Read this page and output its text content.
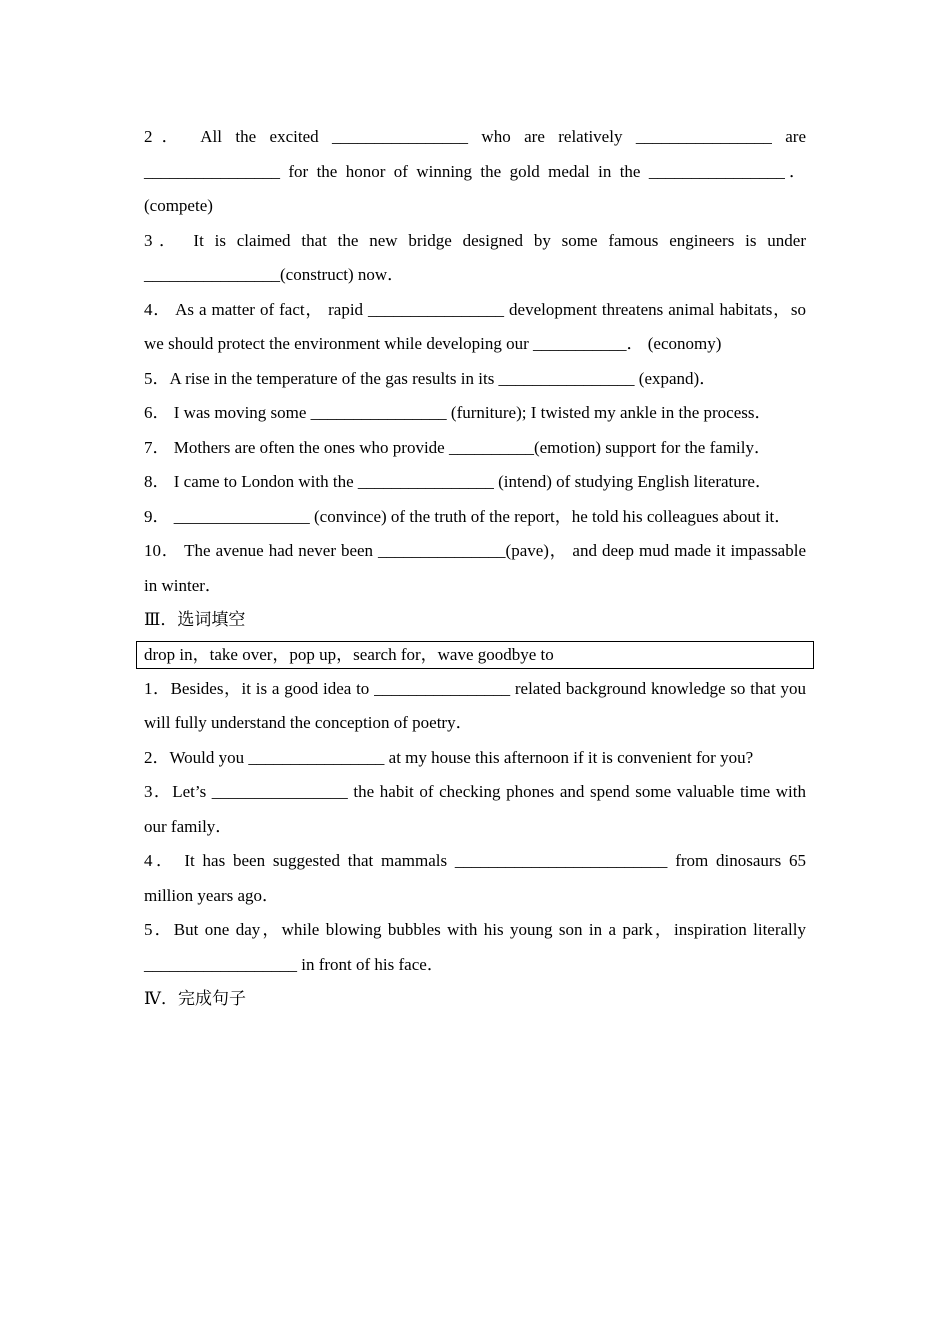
2． All the excited ________________ who are relatively ________________ are ________________ for the honor of winning the gold medal in the ________________． (compete)

3． It is claimed that the new bridge designed by some famous engineers is under ________________(construct) now．

4． As a matter of fact， rapid ________________ development threatens animal habitats，so we should protect the environment while developing our ___________． (economy)

5．A rise in the temperature of the gas results in its ________________ (expand)．

6． I was moving some ________________ (furniture); I twisted my ankle in the process．

7． Mothers are often the ones who provide __________(emotion) support for the family．

8． I came to London with the ________________ (intend) of studying English literature．

9． ________________ (convince) of the truth of the report，he told his colleagues about it．

10． The avenue had never been _______________(pave)， and deep mud made it impassable in winter．

Ⅲ．选词填空

drop in，take over，pop up，search for，wave goodbye to

1．Besides，it is a good idea to ________________ related background knowledge so that you will fully understand the conception of poetry．

2．Would you ________________ at my house this afternoon if it is convenient for you?

3．Let’s ________________ the habit of checking phones and spend some valuable time with our family．

4． It has been suggested that mammals _________________________ from dinosaurs 65 million years ago．

5．But one day，while blowing bubbles with his young son in a park，inspiration literally __________________ in front of his face．

Ⅳ．完成句子
